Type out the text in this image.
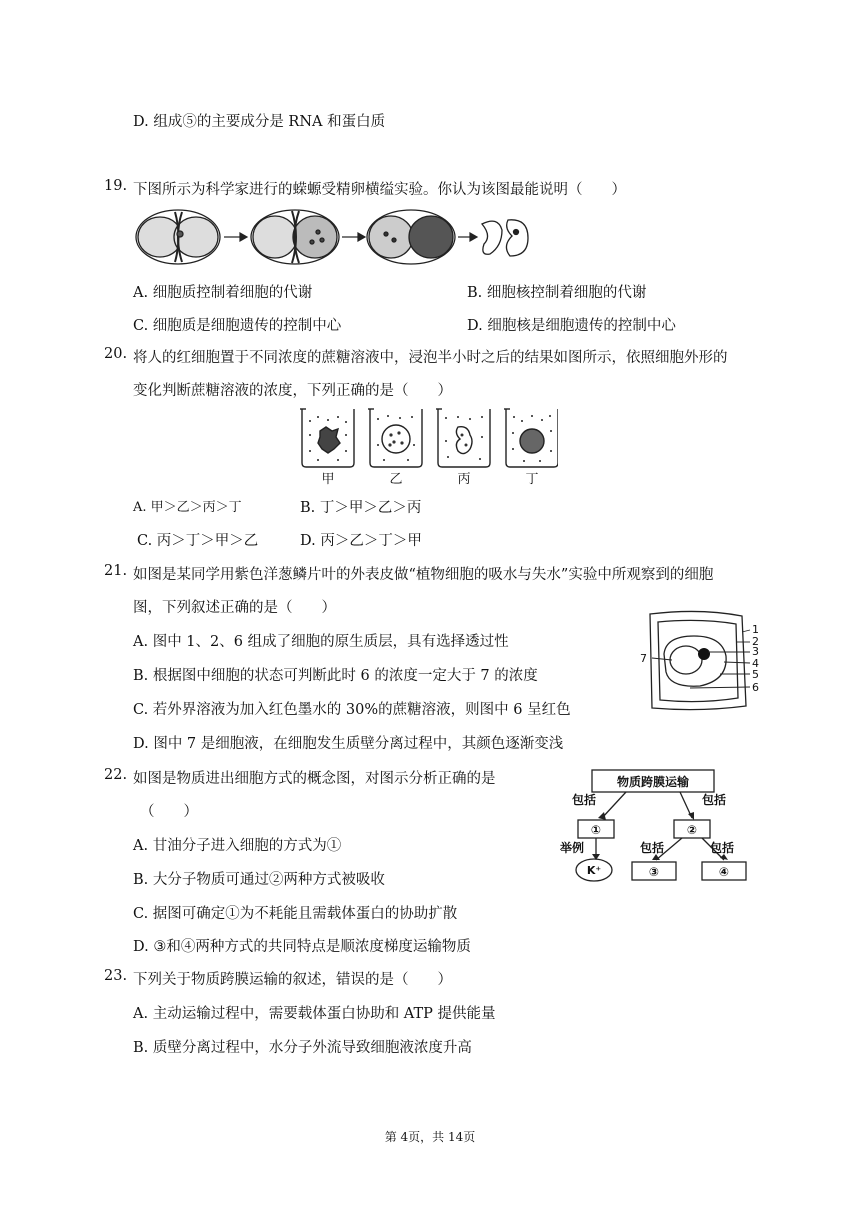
D. 组成⑤的主要成分是 RNA 和蛋白质
19. 下图所示为科学家进行的蝾螈受精卵横缢实验。你认为该图最能说明（　　）
A. 细胞质控制着细胞的代谢	B. 细胞核控制着细胞的代谢
C. 细胞质是细胞遗传的控制中心	D. 细胞核是细胞遗传的控制中心
20. 将人的红细胞置于不同浓度的蔗糖溶液中，浸泡半小时之后的结果如图所示，依照细胞外形的
变化判断蔗糖溶液的浓度，下列正确的是（　　）
甲	乙	丙	丁
A. 甲＞乙＞丙＞丁	B. 丁＞甲＞乙＞丙
C. 丙＞丁＞甲＞乙	D. 丙＞乙＞丁＞甲
21. 如图是某同学用紫色洋葱鳞片叶的外表皮做“植物细胞的吸水与失水”实验中所观察到的细胞
图，下列叙述正确的是（　　）
A. 图中 1、2、6 组成了细胞的原生质层，具有选择透过性
B. 根据图中细胞的状态可判断此时 6 的浓度一定大于 7 的浓度
C. 若外界溶液为加入红色墨水的 30%的蔗糖溶液，则图中 6 呈红色
D. 图中 7 是细胞液，在细胞发生质壁分离过程中，其颜色逐渐变浅
1
2
3
4
5
6
7
22. 如图是物质进出细胞方式的概念图，对图示分析正确的是
（　　）
A. 甘油分子进入细胞的方式为①
B. 大分子物质可通过②两种方式被吸收
C. 据图可确定①为不耗能且需载体蛋白的协助扩散
D. ③和④两种方式的共同特点是顺浓度梯度运输物质
物质跨膜运输
包括	包括
①	②
举例
K⁺
包括	包括
③	④
23. 下列关于物质跨膜运输的叙述，错误的是（　　）
A. 主动运输过程中，需要载体蛋白协助和 ATP 提供能量
B. 质壁分离过程中，水分子外流导致细胞液浓度升高
第 4页，共 14页
